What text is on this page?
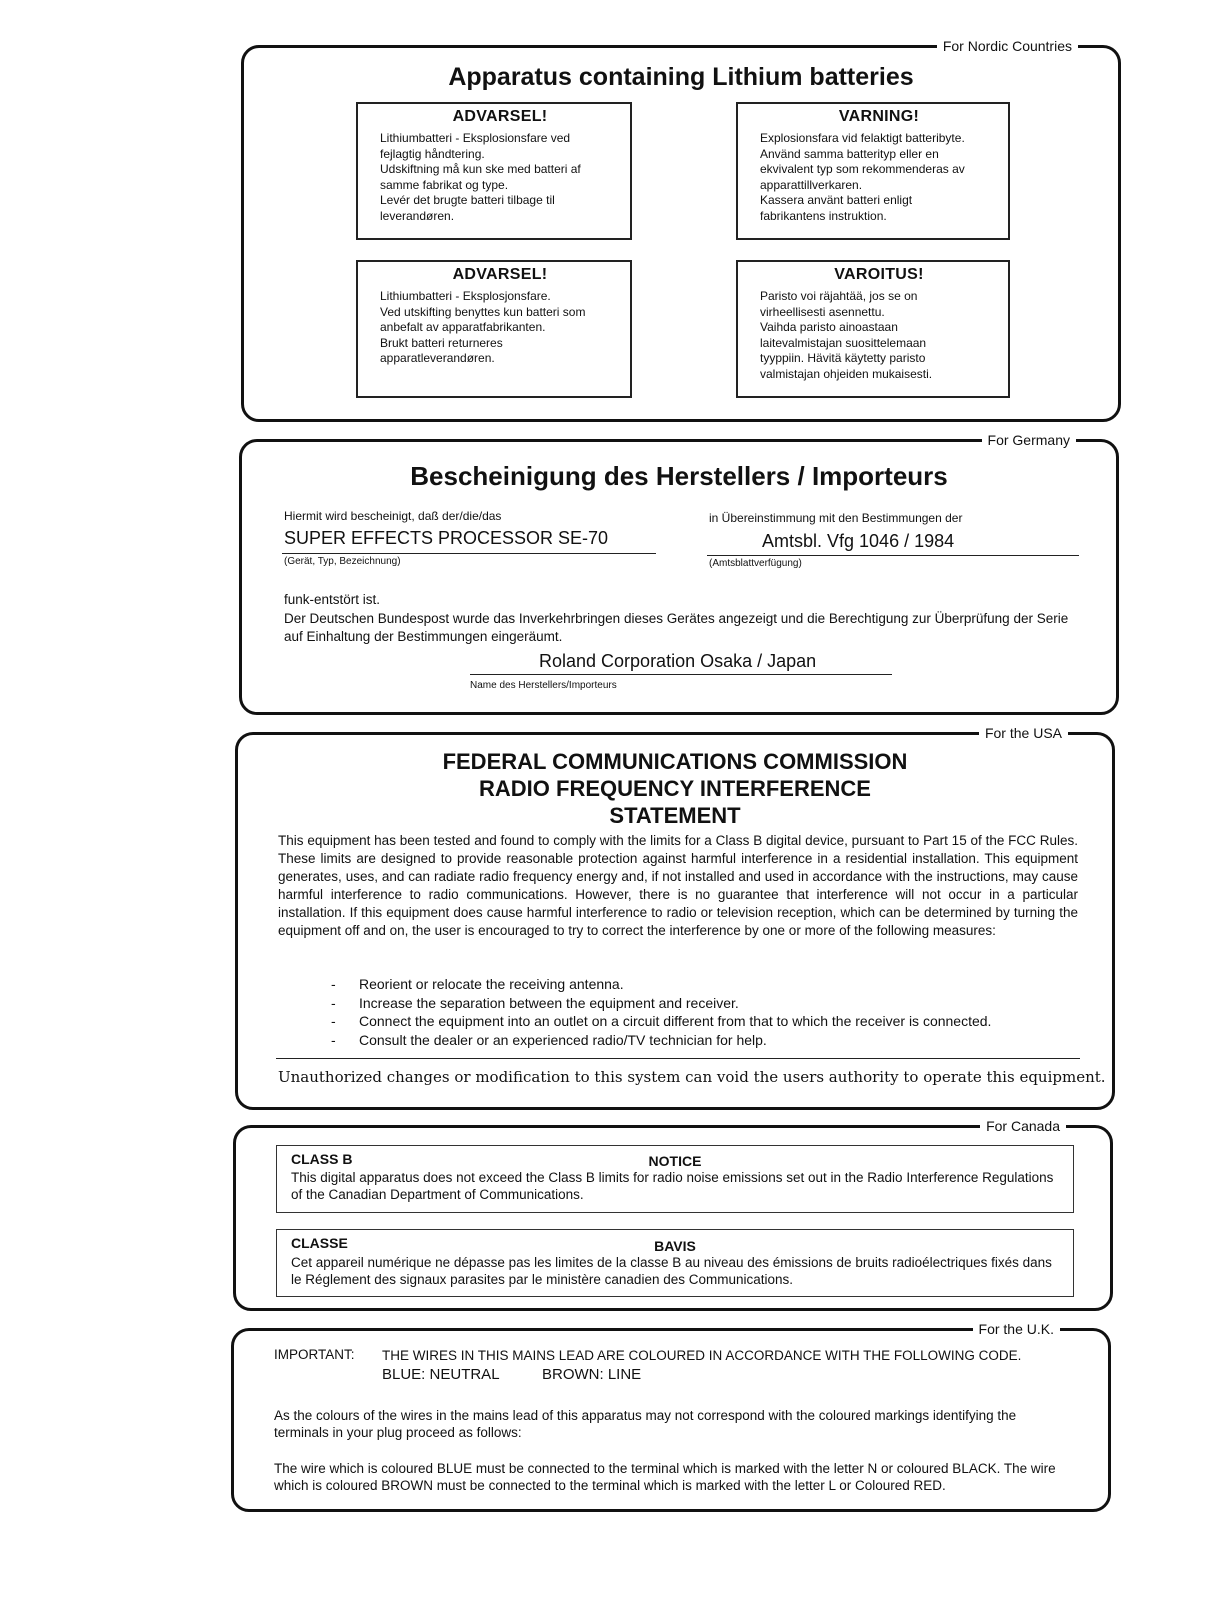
For Nordic Countries
Apparatus containing Lithium batteries
ADVARSEL!

Lithiumbatteri - Eksplosionsfare ved
fejlagtig håndtering.
Udskiftning må kun ske med batteri af
samme fabrikat og type.
Levér det brugte batteri tilbage til
leverandøren.

VARNING!

Explosionsfara vid felaktigt batteribyte.
Använd samma batterityp eller en
ekvivalent typ som rekommenderas av
apparattillverkaren.
Kassera använt batteri enligt
fabrikantens instruktion.

ADVARSEL!

Lithiumbatteri - Eksplosjonsfare.
Ved utskifting benyttes kun batteri som
anbefalt av apparatfabrikanten.
Brukt batteri returneres
apparatleverandøren.

VAROITUS!

Paristo voi räjahtää, jos se on
virheellisesti asennettu.
Vaihda paristo ainoastaan
laitevalmistajan suosittelemaan
tyyppiin. Hävitä käytetty paristo
valmistajan ohjeiden mukaisesti.

For Germany
Bescheinigung des Herstellers / Importeurs
Hiermit wird bescheinigt, daß der/die/das
SUPER EFFECTS PROCESSOR SE-70
(Gerät, Typ, Bezeichnung)
in Übereinstimmung mit den Bestimmungen der
Amtsbl. Vfg 1046 / 1984
(Amtsblattverfügung)
funk-entstört ist.
Der Deutschen Bundespost wurde das Inverkehrbringen dieses Gerätes angezeigt und die Berechtigung zur Überprüfung der Serie auf Einhaltung der Bestimmungen eingeräumt.
Roland Corporation Osaka / Japan
Name des Herstellers/Importeurs
For the USA
FEDERAL COMMUNICATIONS COMMISSION
RADIO FREQUENCY INTERFERENCE
STATEMENT
This equipment has been tested and found to comply with the limits for a Class B digital device, pursuant to Part 15 of the FCC Rules. These limits are designed to provide reasonable protection against harmful interference in a residential installation. This equipment generates, uses, and can radiate radio frequency energy and, if not installed and used in accordance with the instructions, may cause harmful interference to radio communications. However, there is no guarantee that interference will not occur in a particular installation. If this equipment does cause harmful interference to radio or television reception, which can be determined by turning the equipment off and on, the user is encouraged to try to correct the interference by one or more of the following measures:
- Reorient or relocate the receiving antenna.
- Increase the separation between the equipment and receiver.
- Connect the equipment into an outlet on a circuit different from that to which the receiver is connected.
- Consult the dealer or an experienced radio/TV technician for help.
Unauthorized changes or modification to this system can void the users authority to operate this equipment.
For Canada
CLASS B	NOTICE
This digital apparatus does not exceed the Class B limits for radio noise emissions set out in the Radio Interference Regulations of the Canadian Department of Communications.
CLASSE	BAVIS
Cet appareil numérique ne dépasse pas les limites de la classe B au niveau des émissions de bruits radioélectriques fixés dans le Réglement des signaux parasites par le ministère canadien des Communications.
For the U.K.
IMPORTANT: THE WIRES IN THIS MAINS LEAD ARE COLOURED IN ACCORDANCE WITH THE FOLLOWING CODE.
BLUE: NEUTRAL	BROWN: LINE
As the colours of the wires in the mains lead of this apparatus may not correspond with the coloured markings identifying the terminals in your plug proceed as follows:
The wire which is coloured BLUE must be connected to the terminal which is marked with the letter N or coloured BLACK. The wire which is coloured BROWN must be connected to the terminal which is marked with the letter L or Coloured RED.
